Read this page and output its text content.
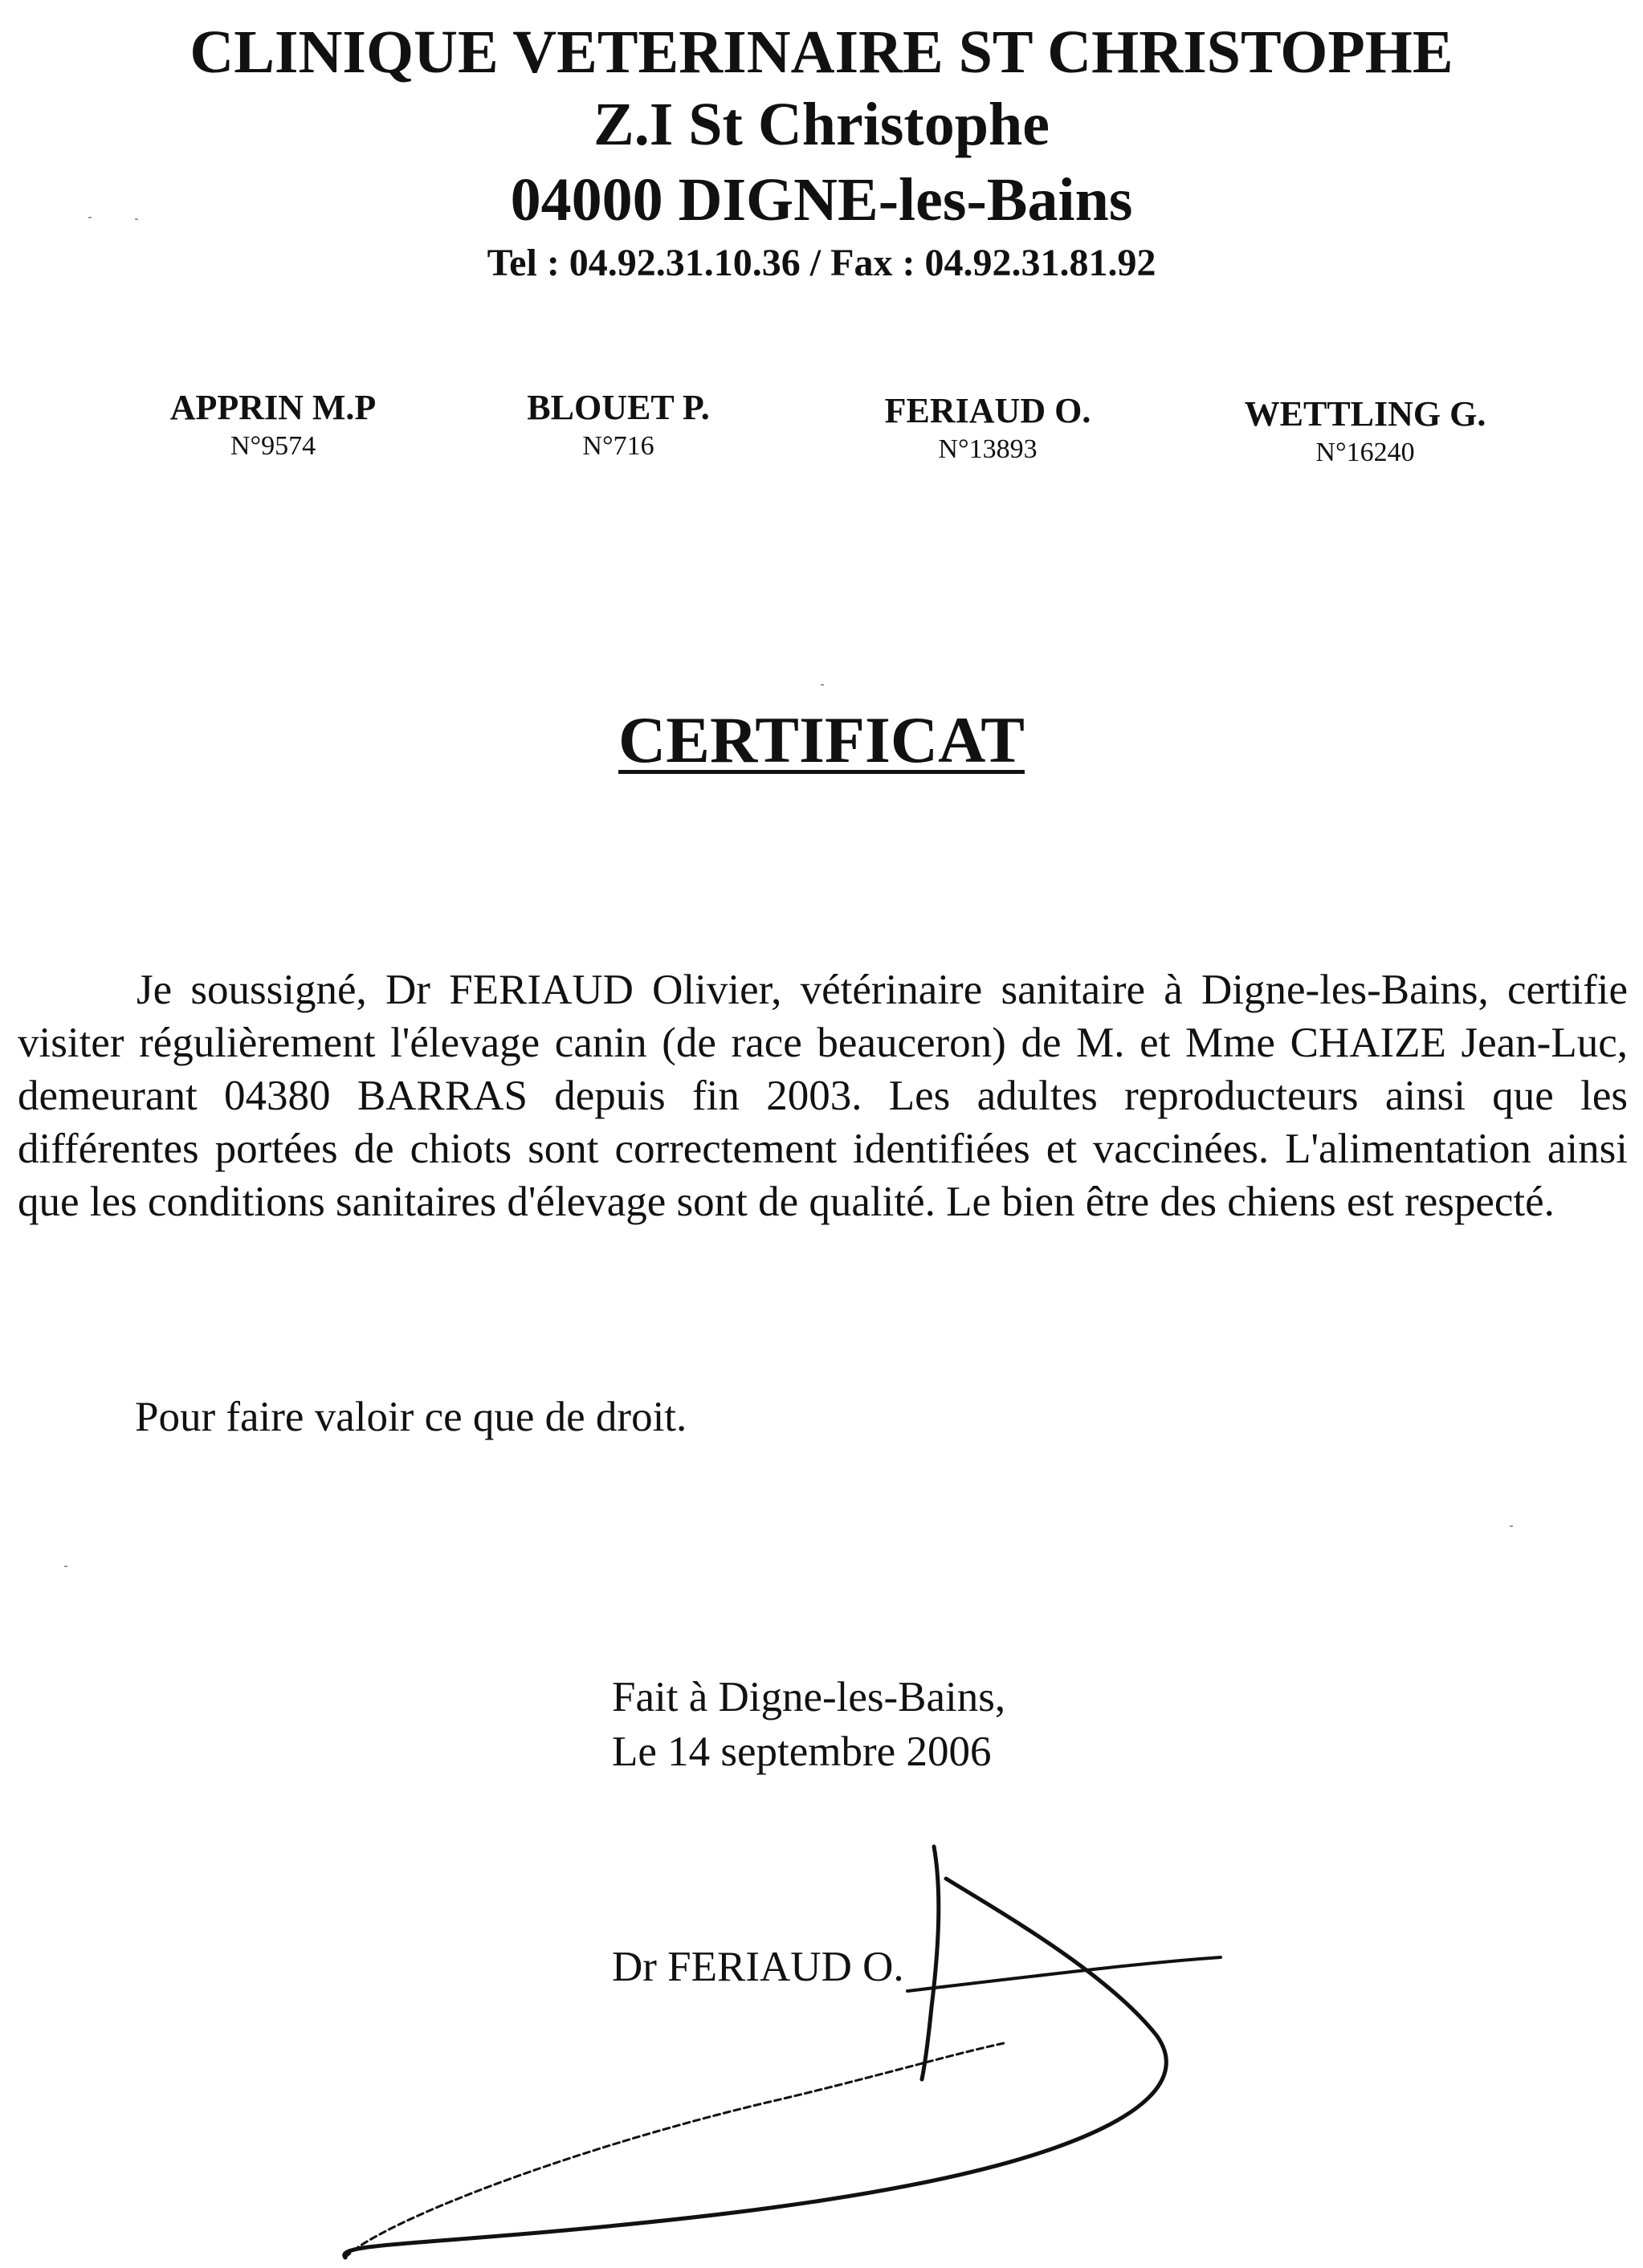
CLINIQUE VETERINAIRE ST CHRISTOPHE
Z.I St Christophe
04000 DIGNE-les-Bains
Tel : 04.92.31.10.36 / Fax : 04.92.31.81.92
APPRIN M.P
N°9574
BLOUET P.
N°716
FERIAUD O.
N°13893
WETTLING G.
N°16240
CERTIFICAT
Je soussigné, Dr FERIAUD Olivier, vétérinaire sanitaire à Digne-les-Bains, certifie visiter régulièrement l'élevage canin (de race beauceron) de M. et Mme CHAIZE Jean-Luc, demeurant 04380 BARRAS depuis fin 2003. Les adultes reproducteurs ainsi que les différentes portées de chiots sont correctement identifiées et vaccinées. L'alimentation ainsi que les conditions sanitaires d'élevage sont de qualité. Le bien être des chiens est respecté.
Pour faire valoir ce que de droit.
Fait à Digne-les-Bains,
Le 14 septembre 2006
Dr FERIAUD O.
